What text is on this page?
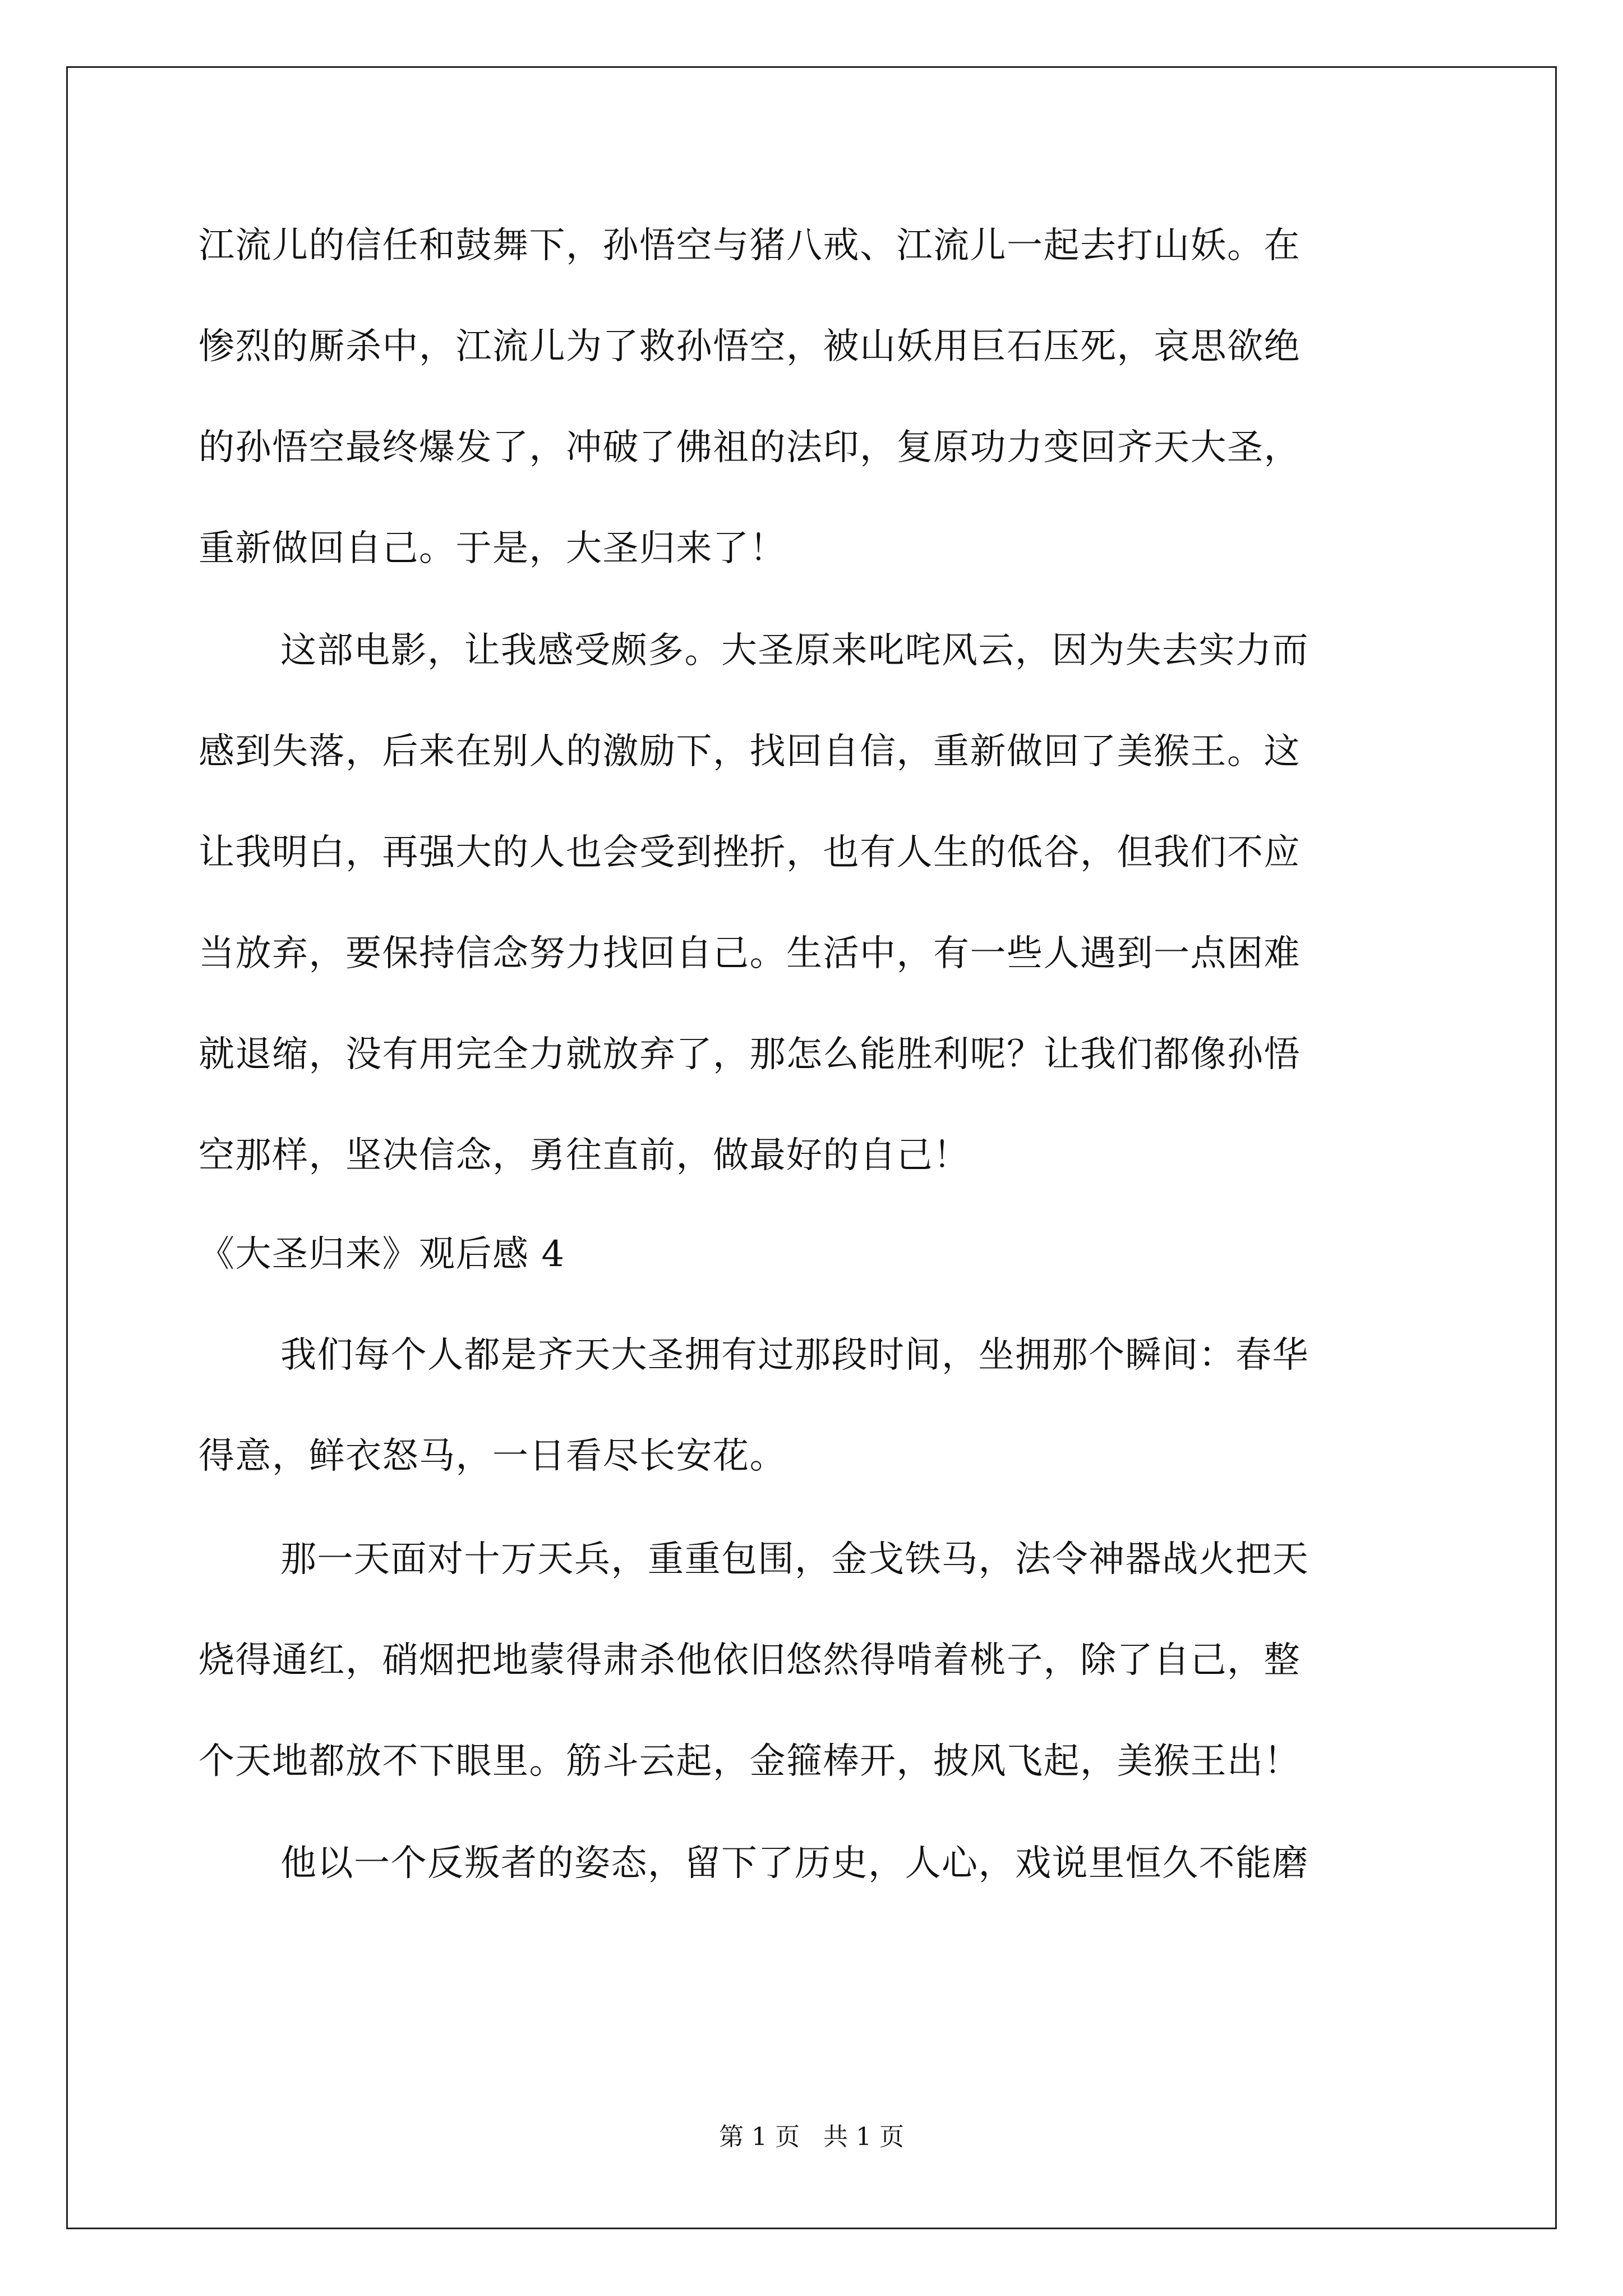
江流儿的信任和鼓舞下，孙悟空与猪八戒、江流儿一起去打山妖。在
惨烈的厮杀中，江流儿为了救孙悟空，被山妖用巨石压死，哀思欲绝
的孙悟空最终爆发了，冲破了佛祖的法印，复原功力变回齐天大圣，
重新做回自己。于是，大圣归来了！
这部电影，让我感受颇多。大圣原来叱咤风云，因为失去实力而
感到失落，后来在别人的激励下，找回自信，重新做回了美猴王。这
让我明白，再强大的人也会受到挫折，也有人生的低谷，但我们不应
当放弃，要保持信念努力找回自己。生活中，有一些人遇到一点困难
就退缩，没有用完全力就放弃了，那怎么能胜利呢？让我们都像孙悟
空那样，坚决信念，勇往直前，做最好的自己！
《大圣归来》观后感 4
我们每个人都是齐天大圣拥有过那段时间，坐拥那个瞬间：春华
得意，鲜衣怒马，一日看尽长安花。
那一天面对十万天兵，重重包围，金戈铁马，法令神器战火把天
烧得通红，硝烟把地蒙得肃杀他依旧悠然得啃着桃子，除了自己，整
个天地都放不下眼里。筋斗云起，金箍棒开，披风飞起，美猴王出！
他以一个反叛者的姿态，留下了历史，人心，戏说里恒久不能磨
第 1 页   共 1 页
